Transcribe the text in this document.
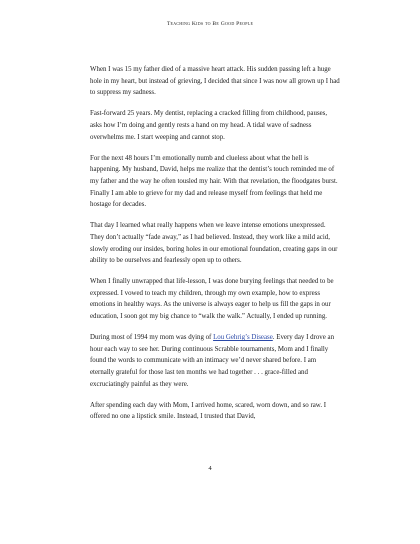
Teaching Kids to Be Good People

When I was 15 my father died of a massive heart attack. His sudden passing left a huge hole in my heart, but instead of grieving, I decided that since I was now all grown up I had to suppress my sadness.

Fast-forward 25 years. My dentist, replacing a cracked filling from childhood, pauses, asks how I’m doing and gently rests a hand on my head. A tidal wave of sadness overwhelms me. I start weeping and cannot stop.

For the next 48 hours I’m emotionally numb and clueless about what the hell is happening. My husband, David, helps me realize that the dentist’s touch reminded me of my father and the way he often tousled my hair. With that revelation, the floodgates burst. Finally I am able to grieve for my dad and release myself from feelings that held me hostage for decades.

That day I learned what really happens when we leave intense emotions unexpressed. They don’t actually “fade away,” as I had believed. Instead, they work like a mild acid, slowly eroding our insides, boring holes in our emotional foundation, creating gaps in our ability to be ourselves and fearlessly open up to others.

When I finally unwrapped that life-lesson, I was done burying feelings that needed to be expressed. I vowed to teach my children, through my own example, how to express emotions in healthy ways. As the universe is always eager to help us fill the gaps in our education, I soon got my big chance to “walk the walk.” Actually, I ended up running.

During most of 1994 my mom was dying of Lou Gehrig’s Disease. Every day I drove an hour each way to see her. During continuous Scrabble tournaments, Mom and I finally found the words to communicate with an intimacy we’d never shared before. I am eternally grateful for those last ten months we had together . . . grace-filled and excruciatingly painful as they were.

After spending each day with Mom, I arrived home, scared, worn down, and so raw. I offered no one a lipstick smile. Instead, I trusted that David,

4
